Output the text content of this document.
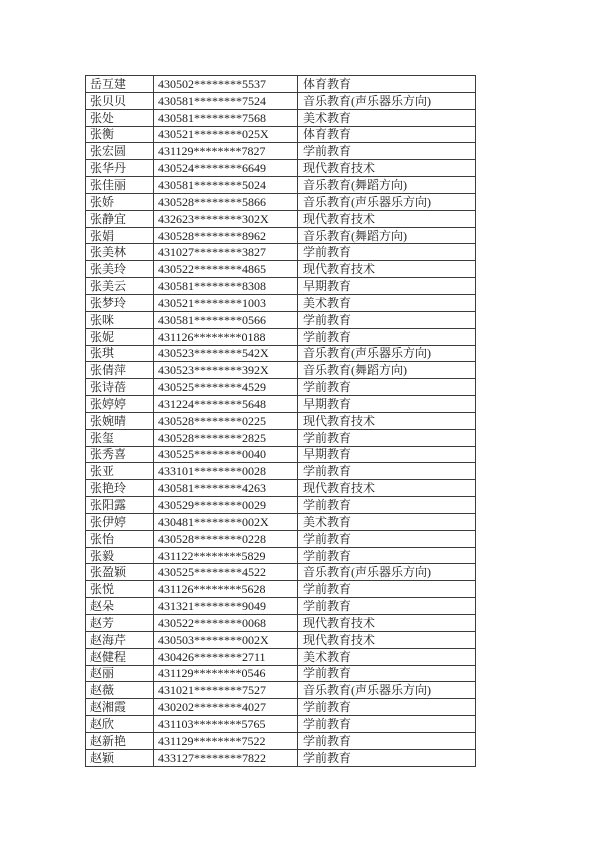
岳互建	430502********5537	体育教育
张贝贝	430581********7524	音乐教育(声乐器乐方向)
张处	430581********7568	美术教育
张衡	430521********025X	体育教育
张宏圆	431129********7827	学前教育
张华丹	430524********6649	现代教育技术
张佳丽	430581********5024	音乐教育(舞蹈方向)
张娇	430528********5866	音乐教育(声乐器乐方向)
张静宜	432623********302X	现代教育技术
张娟	430528********8962	音乐教育(舞蹈方向)
张美林	431027********3827	学前教育
张美玲	430522********4865	现代教育技术
张美云	430581********8308	早期教育
张梦玲	430521********1003	美术教育
张咪	430581********0566	学前教育
张妮	431126********0188	学前教育
张琪	430523********542X	音乐教育(声乐器乐方向)
张倩萍	430523********392X	音乐教育(舞蹈方向)
张诗蓓	430525********4529	学前教育
张婷婷	431224********5648	早期教育
张婉晴	430528********0225	现代教育技术
张玺	430528********2825	学前教育
张秀喜	430525********0040	早期教育
张亚	433101********0028	学前教育
张艳玲	430581********4263	现代教育技术
张阳露	430529********0029	学前教育
张伊婷	430481********002X	美术教育
张怡	430528********0228	学前教育
张毅	431122********5829	学前教育
张盈颖	430525********4522	音乐教育(声乐器乐方向)
张悦	431126********5628	学前教育
赵朵	431321********9049	学前教育
赵芳	430522********0068	现代教育技术
赵海芹	430503********002X	现代教育技术
赵健程	430426********2711	美术教育
赵丽	431129********0546	学前教育
赵薇	431021********7527	音乐教育(声乐器乐方向)
赵湘霞	430202********4027	学前教育
赵欣	431103********5765	学前教育
赵新艳	431129********7522	学前教育
赵颖	433127********7822	学前教育
